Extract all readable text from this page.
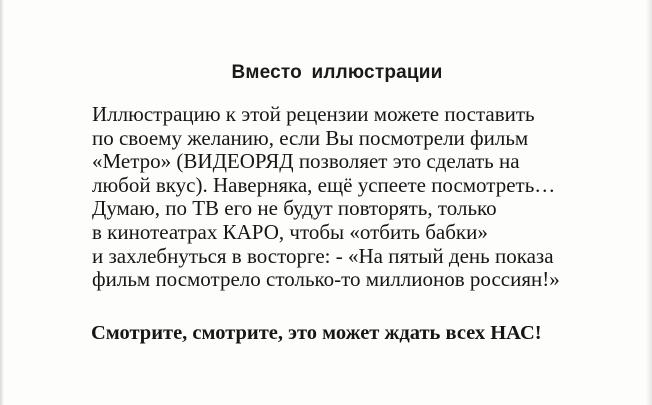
Вместо иллюстрации
Иллюстрацию к этой рецензии можете поставить
по своему желанию, если Вы посмотрели фильм
«Метро» (ВИДЕОРЯД позволяет это сделать на
любой вкус). Наверняка, ещё успеете посмотреть…
Думаю, по ТВ его не будут повторять, только
в кинотеатрах КАРО, чтобы «отбить бабки»
и захлебнуться в восторге: - «На пятый день показа
фильм посмотрело столько-то миллионов россиян!»
Смотрите, смотрите, это может ждать всех НАС!
